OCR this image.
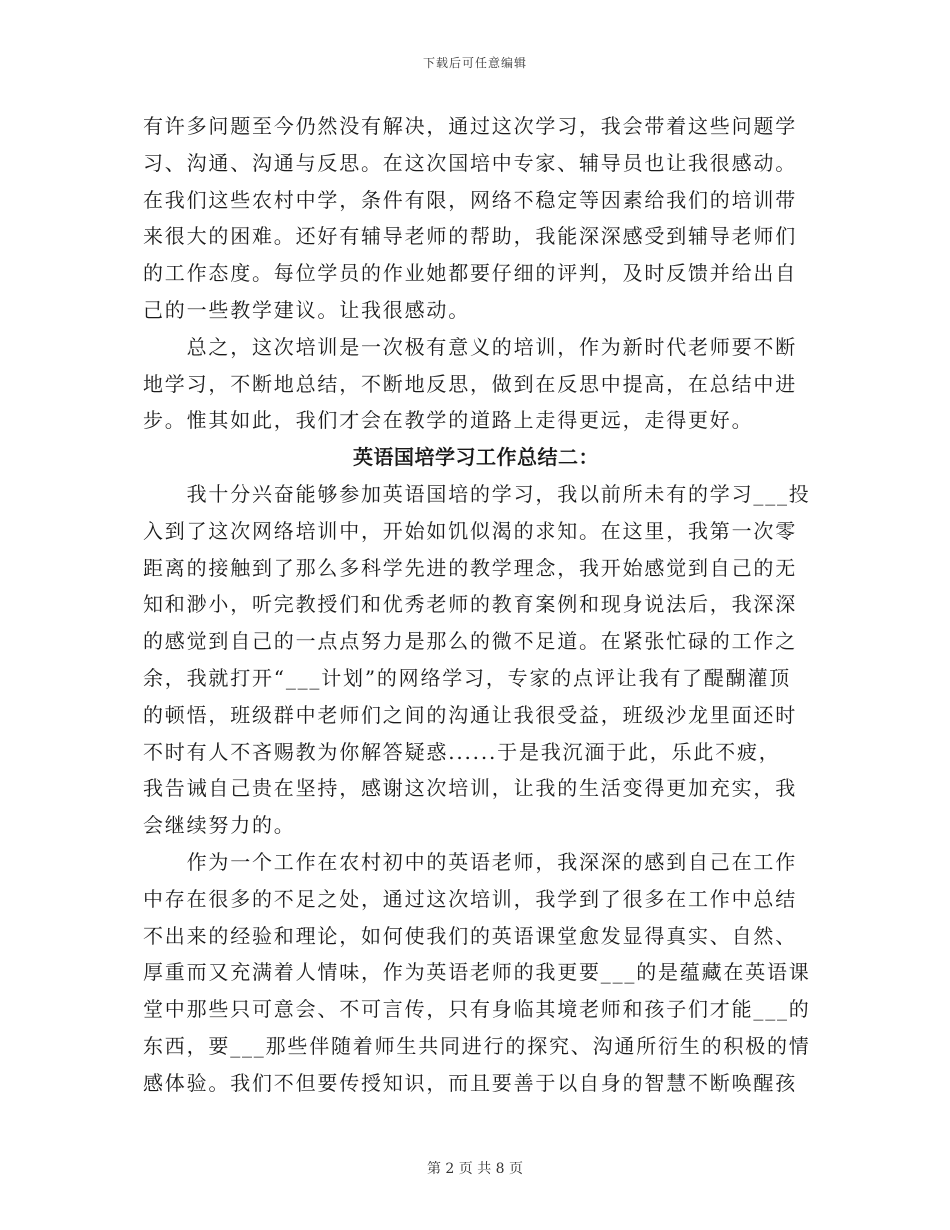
下载后可任意编辑
有许多问题至今仍然没有解决，通过这次学习，我会带着这些问题学
习、沟通、沟通与反思。在这次国培中专家、辅导员也让我很感动。
在我们这些农村中学，条件有限，网络不稳定等因素给我们的培训带
来很大的困难。还好有辅导老师的帮助，我能深深感受到辅导老师们
的工作态度。每位学员的作业她都要仔细的评判，及时反馈并给出自
己的一些教学建议。让我很感动。
　　总之，这次培训是一次极有意义的培训，作为新时代老师要不断
地学习，不断地总结，不断地反思，做到在反思中提高，在总结中进
步。惟其如此，我们才会在教学的道路上走得更远，走得更好。
英语国培学习工作总结二：
　　我十分兴奋能够参加英语国培的学习，我以前所未有的学习___投
入到了这次网络培训中，开始如饥似渴的求知。在这里，我第一次零
距离的接触到了那么多科学先进的教学理念，我开始感觉到自己的无
知和渺小，听完教授们和优秀老师的教育案例和现身说法后，我深深
的感觉到自己的一点点努力是那么的微不足道。在紧张忙碌的工作之
余，我就打开“___计划”的网络学习，专家的点评让我有了醍醐灌顶
的顿悟，班级群中老师们之间的沟通让我很受益，班级沙龙里面还时
不时有人不吝赐教为你解答疑惑......于是我沉湎于此，乐此不疲，
我告诫自己贵在坚持，感谢这次培训，让我的生活变得更加充实，我
会继续努力的。
　　作为一个工作在农村初中的英语老师，我深深的感到自己在工作
中存在很多的不足之处，通过这次培训，我学到了很多在工作中总结
不出来的经验和理论，如何使我们的英语课堂愈发显得真实、自然、
厚重而又充满着人情味，作为英语老师的我更要___的是蕴藏在英语课
堂中那些只可意会、不可言传，只有身临其境老师和孩子们才能___的
东西，要___那些伴随着师生共同进行的探究、沟通所衍生的积极的情
感体验。我们不但要传授知识，而且要善于以自身的智慧不断唤醒孩
第 2 页 共 8 页
